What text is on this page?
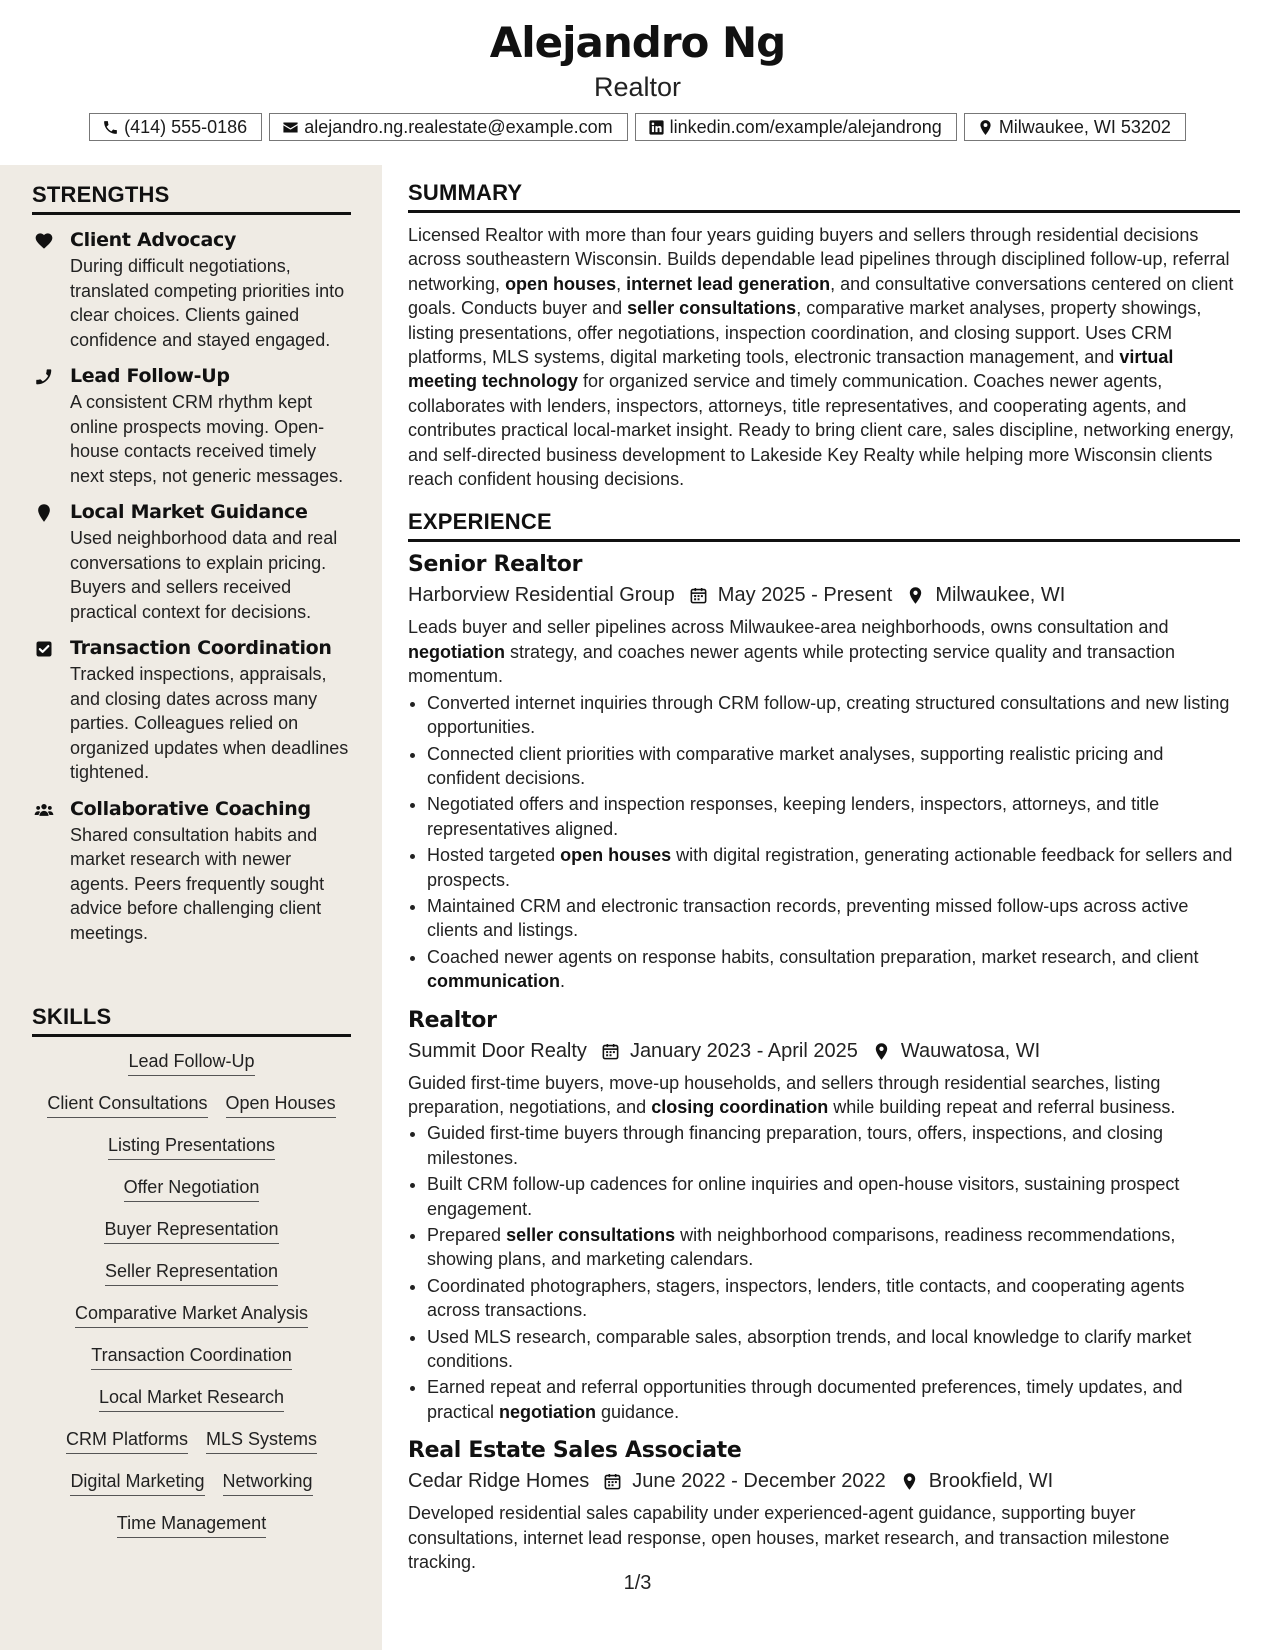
Alejandro Ng
Realtor
(414) 555-0186	alejandro.ng.realestate@example.com	linkedin.com/example/alejandrong	Milwaukee, WI 53202
STRENGTHS
Client Advocacy

During difficult negotiations, translated competing priorities into clear choices. Clients gained confidence and stayed engaged.

Lead Follow-Up

A consistent CRM rhythm kept online prospects moving. Open-house contacts received timely next steps, not generic messages.

Local Market Guidance

Used neighborhood data and real conversations to explain pricing. Buyers and sellers received practical context for decisions.

Transaction Coordination

Tracked inspections, appraisals, and closing dates across many parties. Colleagues relied on organized updates when deadlines tightened.

Collaborative Coaching

Shared consultation habits and market research with newer agents. Peers frequently sought advice before challenging client meetings.

SKILLS
Lead Follow-Up
Client Consultations Open Houses
Listing Presentations
Offer Negotiation
Buyer Representation
Seller Representation
Comparative Market Analysis
Transaction Coordination
Local Market Research
CRM Platforms MLS Systems
Digital Marketing Networking
Time Management
SUMMARY

Licensed Realtor with more than four years guiding buyers and sellers through residential decisions across southeastern Wisconsin. Builds dependable lead pipelines through disciplined follow-up, referral networking, open houses, internet lead generation, and consultative conversations centered on client goals. Conducts buyer and seller consultations, comparative market analyses, property showings, listing presentations, offer negotiations, inspection coordination, and closing support. Uses CRM platforms, MLS systems, digital marketing tools, electronic transaction management, and virtual meeting technology for organized service and timely communication. Coaches newer agents, collaborates with lenders, inspectors, attorneys, title representatives, and cooperating agents, and contributes practical local-market insight. Ready to bring client care, sales discipline, networking energy, and self-directed business development to Lakeside Key Realty while helping more Wisconsin clients reach confident housing decisions.

EXPERIENCE
Senior Realtor
Harborview Residential Group May 2025 - Present Milwaukee, WI

Leads buyer and seller pipelines across Milwaukee-area neighborhoods, owns consultation and negotiation strategy, and coaches newer agents while protecting service quality and transaction momentum.

• Converted internet inquiries through CRM follow-up, creating structured consultations and new listing opportunities.
• Connected client priorities with comparative market analyses, supporting realistic pricing and confident decisions.
• Negotiated offers and inspection responses, keeping lenders, inspectors, attorneys, and title representatives aligned.
• Hosted targeted open houses with digital registration, generating actionable feedback for sellers and prospects.
• Maintained CRM and electronic transaction records, preventing missed follow-ups across active clients and listings.
• Coached newer agents on response habits, consultation preparation, market research, and client communication.
Realtor
Summit Door Realty January 2023 - April 2025 Wauwatosa, WI

Guided first-time buyers, move-up households, and sellers through residential searches, listing preparation, negotiations, and closing coordination while building repeat and referral business.

• Guided first-time buyers through financing preparation, tours, offers, inspections, and closing milestones.
• Built CRM follow-up cadences for online inquiries and open-house visitors, sustaining prospect engagement.
• Prepared seller consultations with neighborhood comparisons, readiness recommendations, showing plans, and marketing calendars.
• Coordinated photographers, stagers, inspectors, lenders, title contacts, and cooperating agents across transactions.
• Used MLS research, comparable sales, absorption trends, and local knowledge to clarify market conditions.
• Earned repeat and referral opportunities through documented preferences, timely updates, and practical negotiation guidance.
Real Estate Sales Associate
Cedar Ridge Homes June 2022 - December 2022 Brookfield, WI

Developed residential sales capability under experienced-agent guidance, supporting buyer consultations, internet lead response, open houses, market research, and transaction milestone tracking.

1/3
